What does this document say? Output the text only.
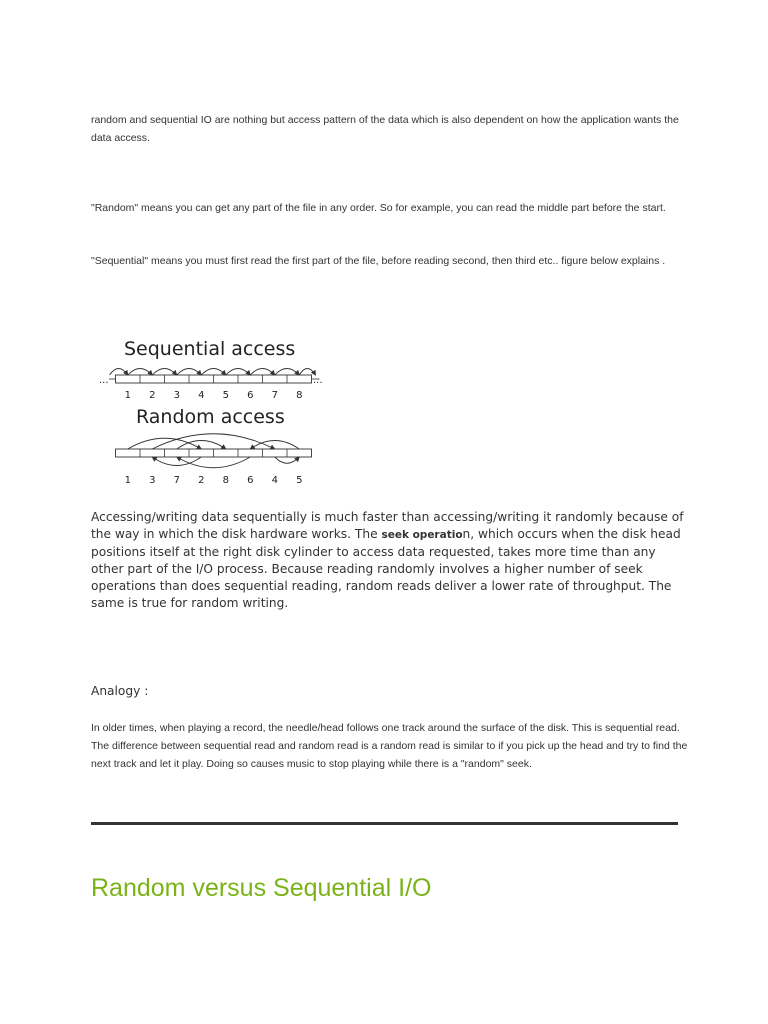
random and sequential IO are nothing but access pattern of the data which is also dependent on how the application wants the data access.

"Random" means you can get any part of the file in any order. So for example, you can read the middle part before the start.

"Sequential" means you must first read the first part of the file, before reading second, then third etc.. figure below explains .

Sequential access
...	...
1 2 3 4 5 6 7 8
Random access
1 3 7 2 8 6 4 5

Accessing/writing data sequentially is much faster than accessing/writing it randomly because of the way in which the disk hardware works. The seek operation, which occurs when the disk head positions itself at the right disk cylinder to access data requested, takes more time than any other part of the I/O process. Because reading randomly involves a higher number of seek operations than does sequential reading, random reads deliver a lower rate of throughput. The same is true for random writing.

Analogy :

In older times, when playing a record, the needle/head follows one track around the surface of the disk. This is sequential read. The difference between sequential read and random read is a random read is similar to if you pick up the head and try to find the next track and let it play. Doing so causes music to stop playing while there is a "random" seek.

Random versus Sequential I/O
